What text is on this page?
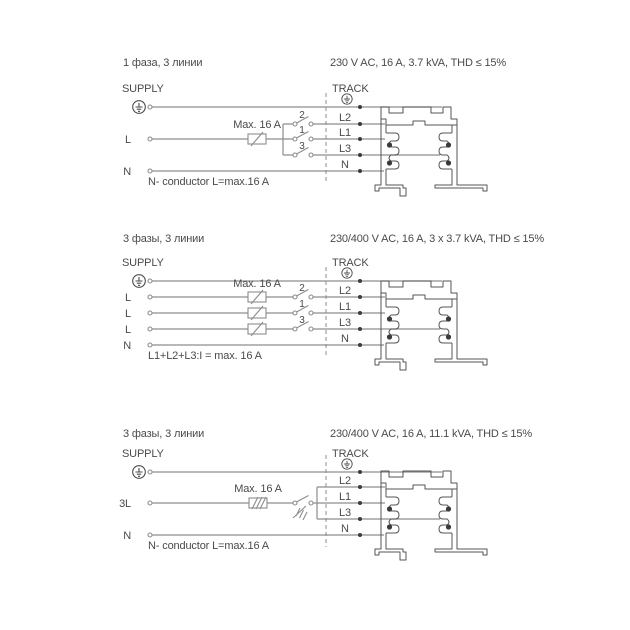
1 фаза, 3 линии	230 V AC, 16 A, 3.7 kVA, THD ≤ 15%
SUPPLY	TRACK
L
N
Max. 16 A
2
1
3
L2
L1
L3
N
N- conductor L=max.16 A
3 фазы, 3 линии	230/400 V AC, 16 A, 3 x 3.7 kVA, THD ≤ 15%
SUPPLY	TRACK
L
L
L
N
Max. 16 A 2
1
3
L2
L1
L3
N
L1+L2+L3:I = max. 16 A
3 фазы, 3 линии	230/400 V AC, 16 A, 11.1 kVA, THD ≤ 15%
SUPPLY	TRACK
3L
N
Max. 16 A
L2
L1
L3
N
N- conductor L=max.16 A
